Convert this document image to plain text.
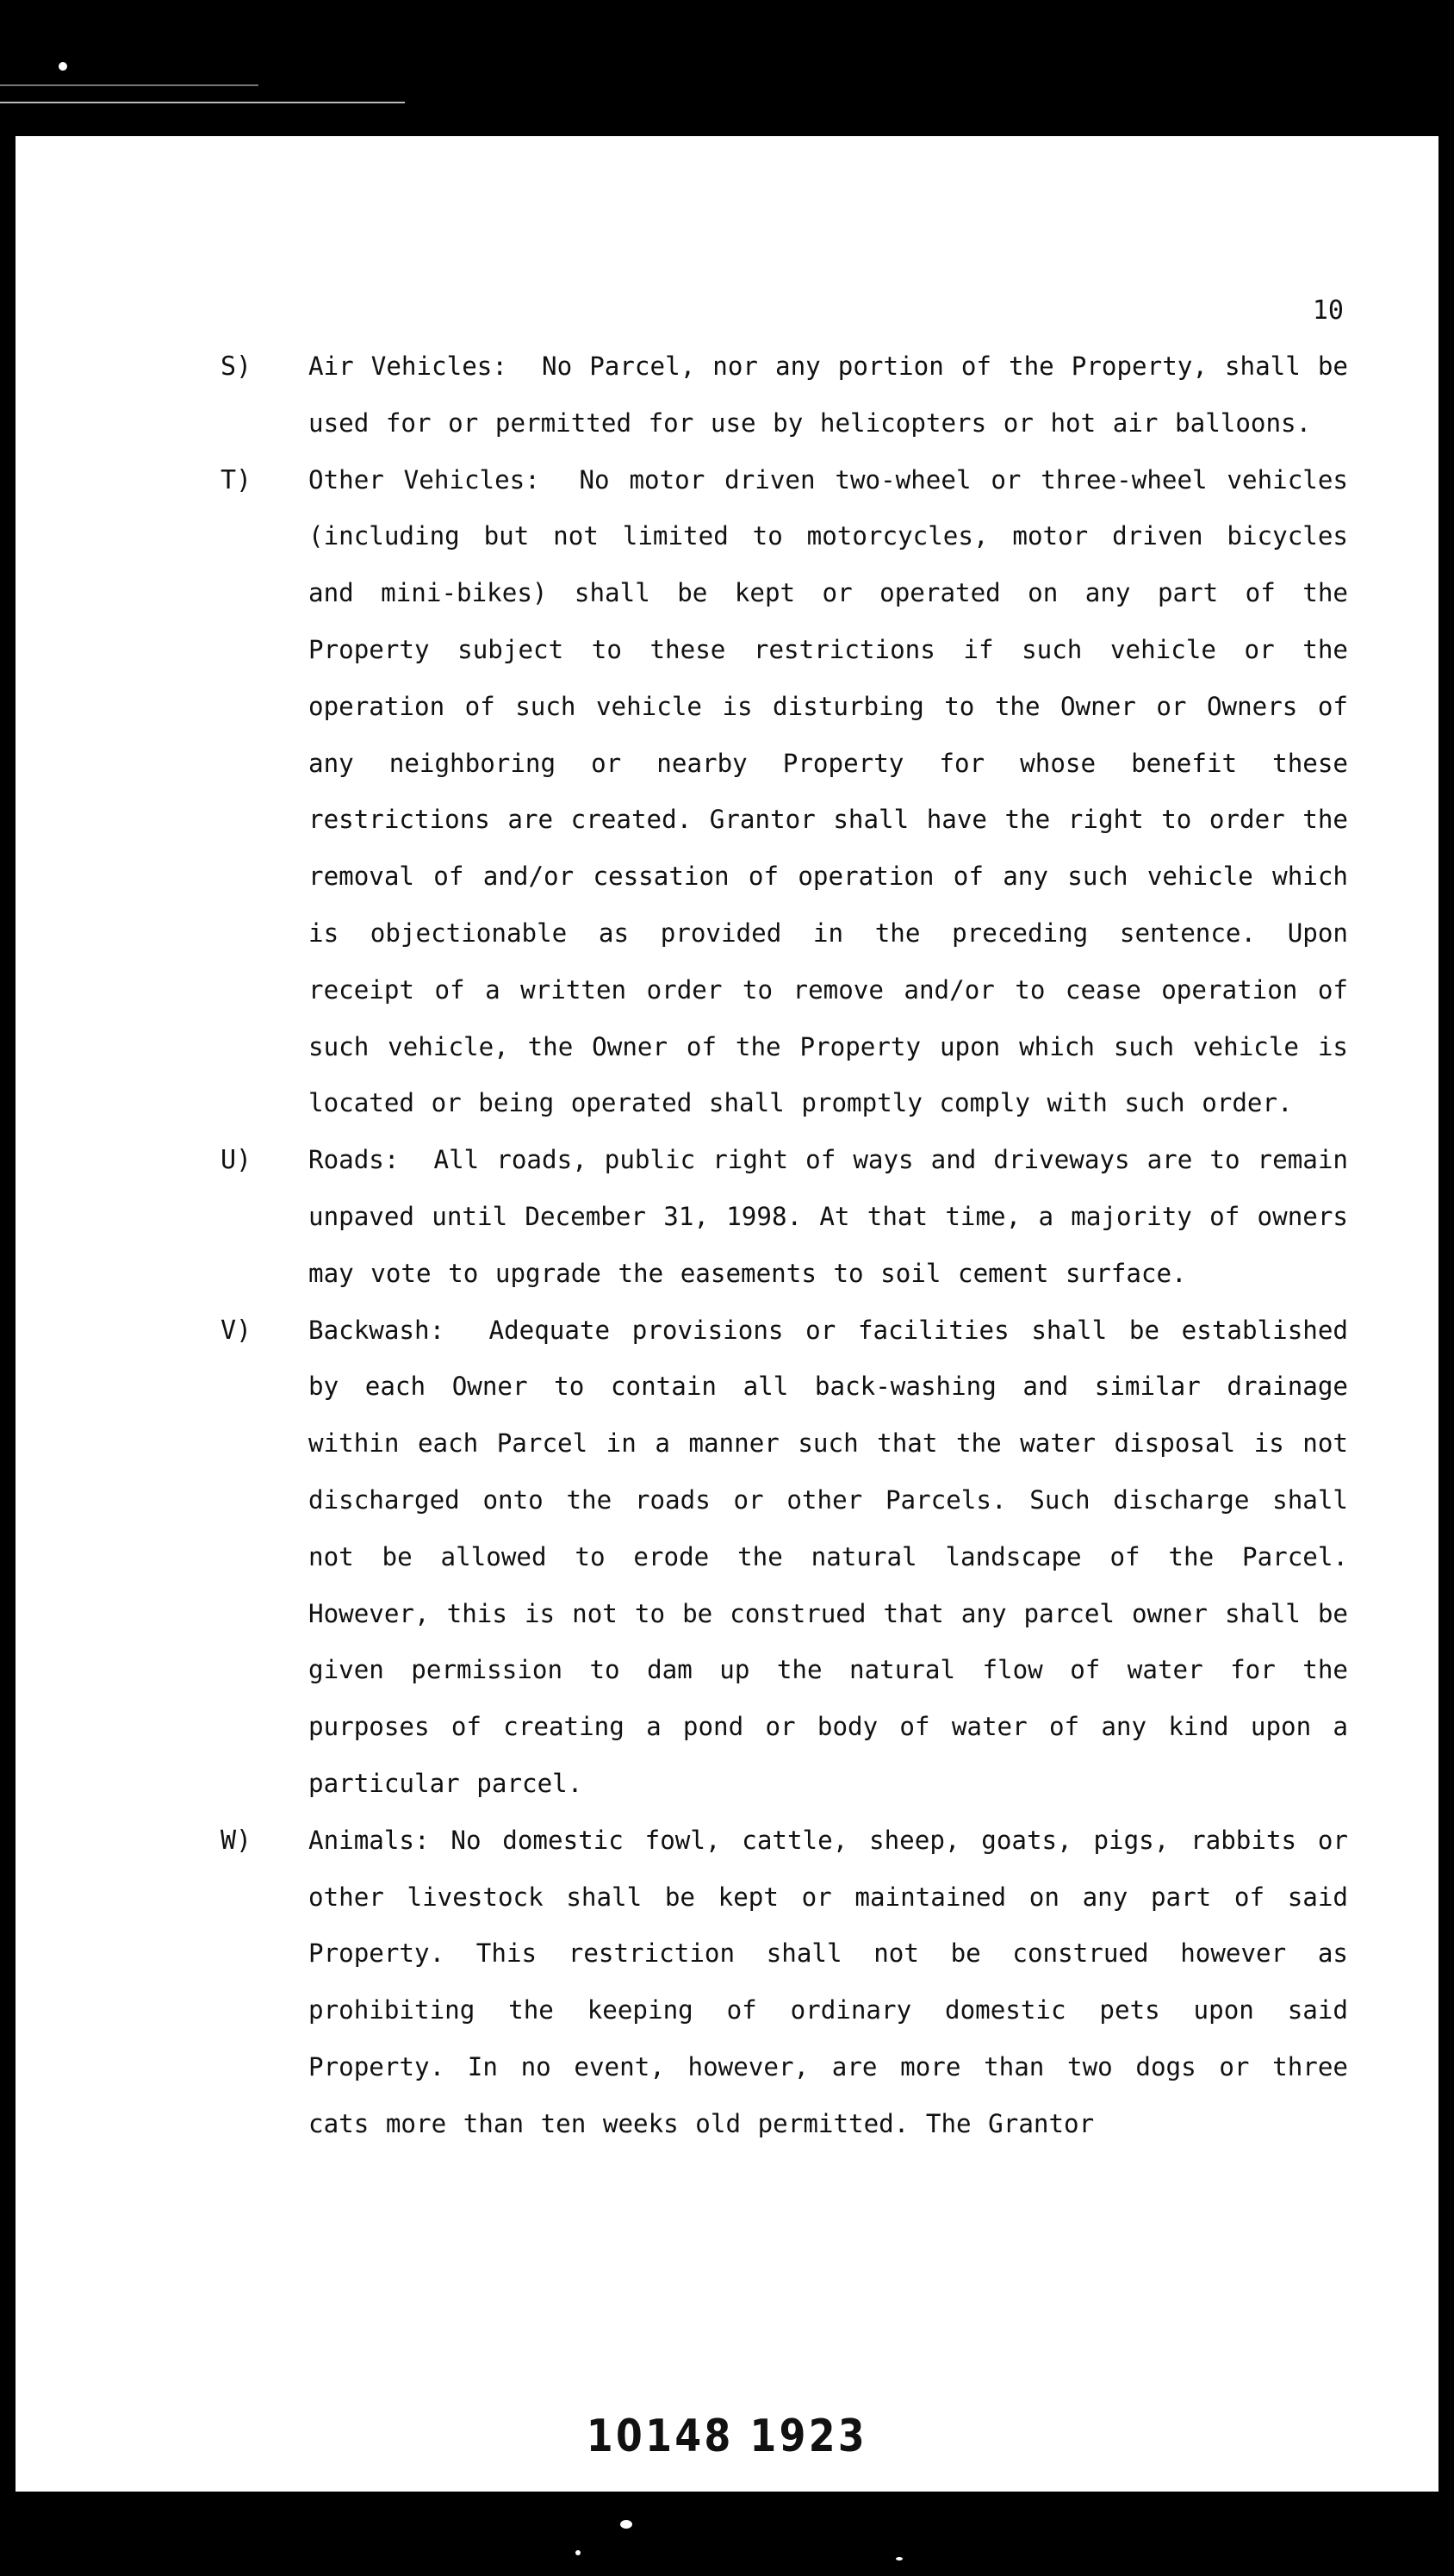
10

S) Air Vehicles: No Parcel, nor any portion of the Property, shall be used for or permitted for use by helicopters or hot air balloons.
T) Other Vehicles: No motor driven two-wheel or three-wheel vehicles (including but not limited to motorcycles, motor driven bicycles and mini-bikes) shall be kept or operated on any part of the Property subject to these restrictions if such vehicle or the operation of such vehicle is disturbing to the Owner or Owners of any neighboring or nearby Property for whose benefit these restrictions are created. Grantor shall have the right to order the removal of and/or cessation of operation of any such vehicle which is objectionable as provided in the preceding sentence. Upon receipt of a written order to remove and/or to cease operation of such vehicle, the Owner of the Property upon which such vehicle is located or being operated shall promptly comply with such order.
U) Roads: All roads, public right of ways and driveways are to remain unpaved until December 31, 1998. At that time, a majority of owners may vote to upgrade the easements to soil cement surface.
V) Backwash: Adequate provisions or facilities shall be established by each Owner to contain all back-washing and similar drainage within each Parcel in a manner such that the water disposal is not discharged onto the roads or other Parcels. Such discharge shall not be allowed to erode the natural landscape of the Parcel. However, this is not to be construed that any parcel owner shall be given permission to dam up the natural flow of water for the purposes of creating a pond or body of water of any kind upon a particular parcel.
W) Animals: No domestic fowl, cattle, sheep, goats, pigs, rabbits or other livestock shall be kept or maintained on any part of said Property. This restriction shall not be construed however as prohibiting the keeping of ordinary domestic pets upon said Property. In no event, however, are more than two dogs or three cats more than ten weeks old permitted. The Grantor
10148 1923
